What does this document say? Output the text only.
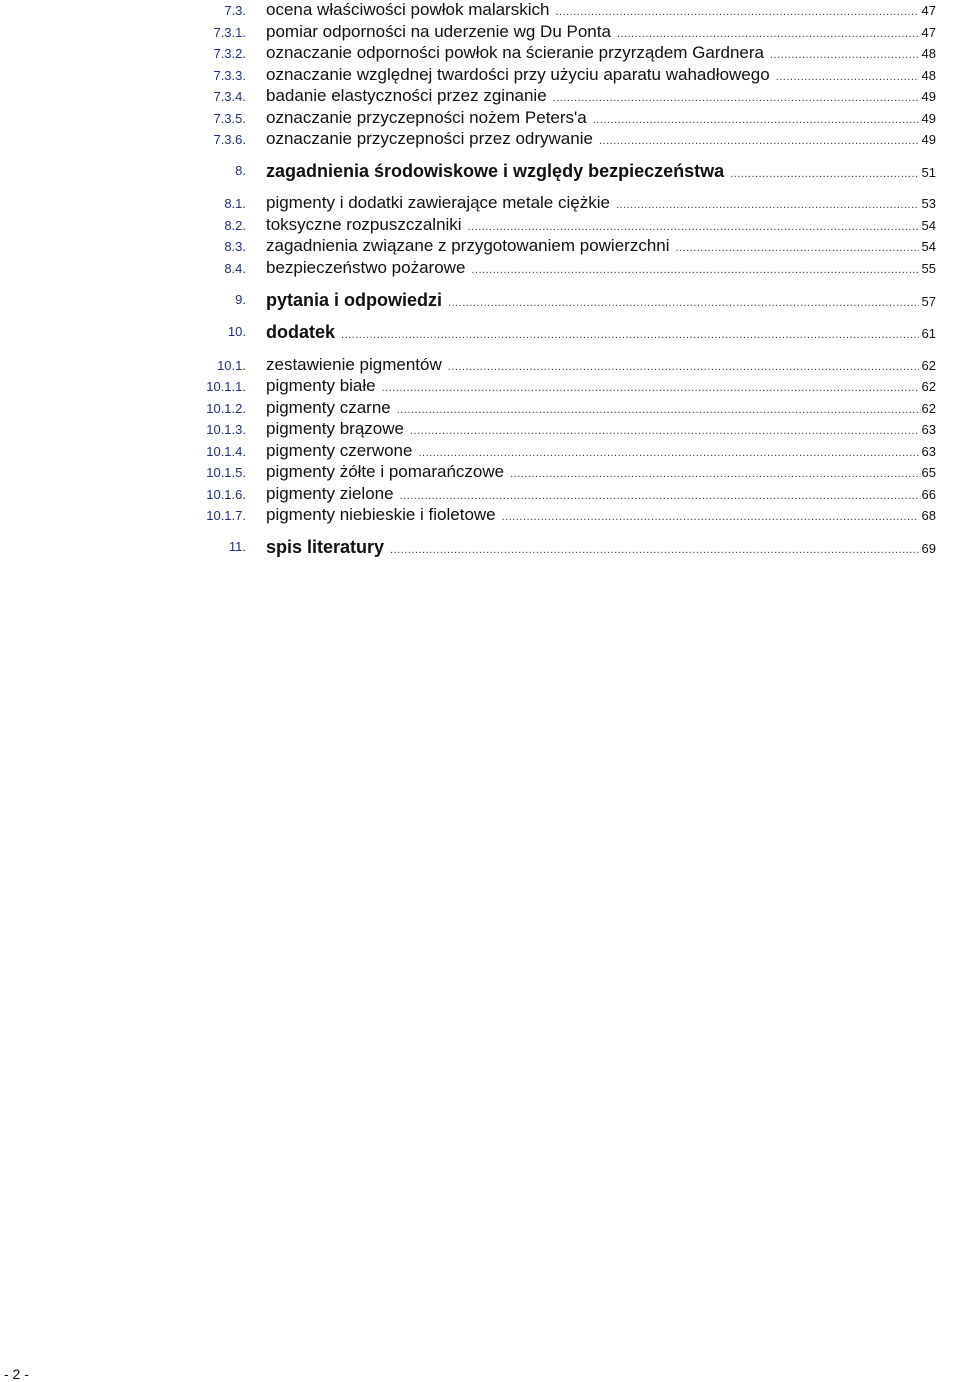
7.3. ocena właściwości powłok malarskich .....	47
7.3.1. pomiar odporności na uderzenie wg Du Ponta .....	47
7.3.2. oznaczanie odporności powłok na ścieranie przyrządem Gardnera .....	48
7.3.3. oznaczanie względnej twardości przy użyciu aparatu wahadłowego .....	48
7.3.4. badanie elastyczności przez zginanie .....	49
7.3.5. oznaczanie przyczepności nożem Peters'a .....	49
7.3.6. oznaczanie przyczepności przez odrywanie .....	49
8. zagadnienia środowiskowe i względy bezpieczeństwa .....	51
8.1. pigmenty i dodatki zawierające metale ciężkie .....	53
8.2. toksyczne rozpuszczalniki .....	54
8.3. zagadnienia związane z przygotowaniem powierzchni .....	54
8.4. bezpieczeństwo pożarowe .....	55
9. pytania i odpowiedzi .....	57
10. dodatek .....	61
10.1. zestawienie pigmentów .....	62
10.1.1. pigmenty białe .....	62
10.1.2. pigmenty czarne .....	62
10.1.3. pigmenty brązowe .....	63
10.1.4. pigmenty czerwone .....	63
10.1.5. pigmenty żółte i pomarańczowe .....	65
10.1.6. pigmenty zielone .....	66
10.1.7. pigmenty niebieskie i fioletowe .....	68
11. spis literatury .....	69
- 2 -
